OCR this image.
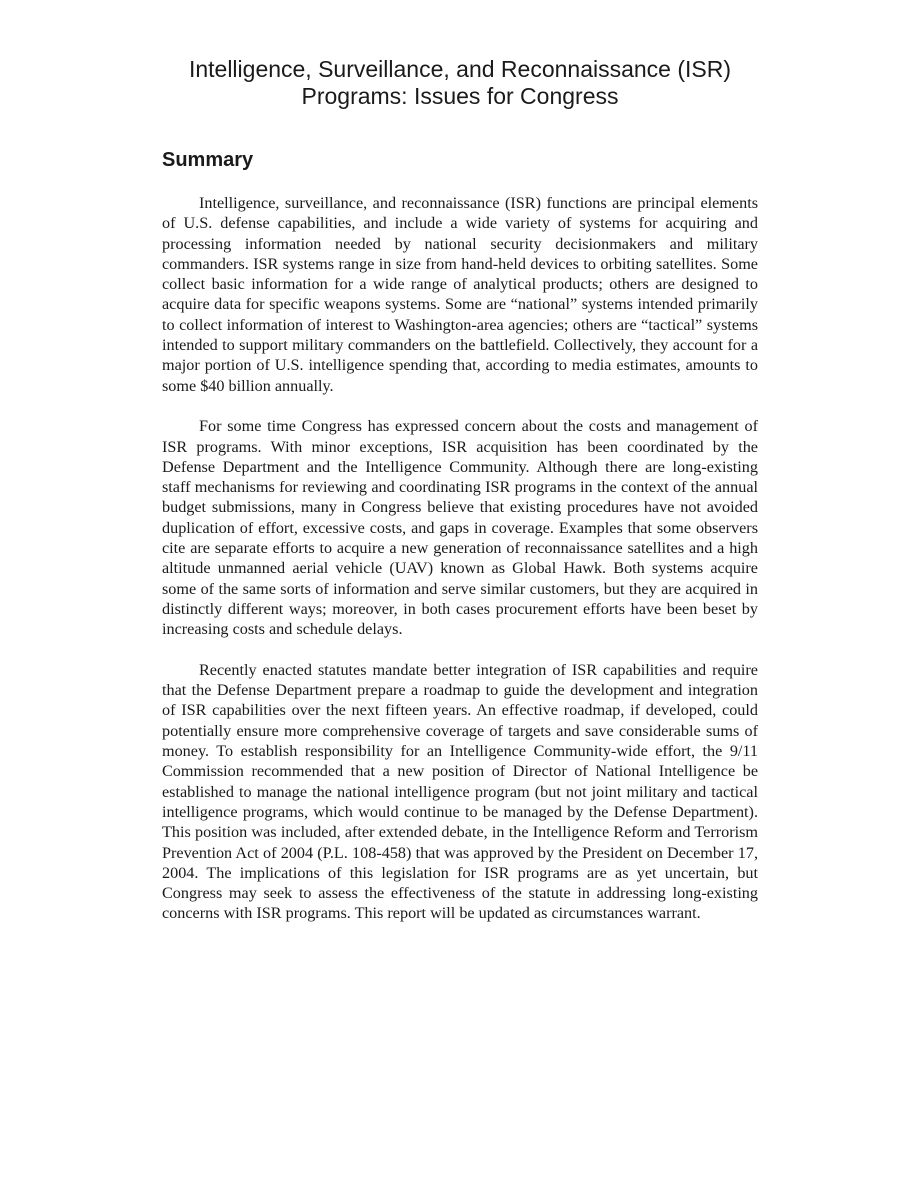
Intelligence, Surveillance, and Reconnaissance (ISR)
Programs: Issues for Congress
Summary

Intelligence, surveillance, and reconnaissance (ISR) functions are principal elements of U.S. defense capabilities, and include a wide variety of systems for acquiring and processing information needed by national security decisionmakers and military commanders. ISR systems range in size from hand-held devices to orbiting satellites. Some collect basic information for a wide range of analytical products; others are designed to acquire data for specific weapons systems. Some are “national” systems intended primarily to collect information of interest to Washington-area agencies; others are “tactical” systems intended to support military commanders on the battlefield. Collectively, they account for a major portion of U.S. intelligence spending that, according to media estimates, amounts to some $40 billion annually.

For some time Congress has expressed concern about the costs and management of ISR programs. With minor exceptions, ISR acquisition has been coordinated by the Defense Department and the Intelligence Community. Although there are long-existing staff mechanisms for reviewing and coordinating ISR programs in the context of the annual budget submissions, many in Congress believe that existing procedures have not avoided duplication of effort, excessive costs, and gaps in coverage. Examples that some observers cite are separate efforts to acquire a new generation of reconnaissance satellites and a high altitude unmanned aerial vehicle (UAV) known as Global Hawk. Both systems acquire some of the same sorts of information and serve similar customers, but they are acquired in distinctly different ways; moreover, in both cases procurement efforts have been beset by increasing costs and schedule delays.

Recently enacted statutes mandate better integration of ISR capabilities and require that the Defense Department prepare a roadmap to guide the development and integration of ISR capabilities over the next fifteen years. An effective roadmap, if developed, could potentially ensure more comprehensive coverage of targets and save considerable sums of money. To establish responsibility for an Intelligence Community-wide effort, the 9/11 Commission recommended that a new position of Director of National Intelligence be established to manage the national intelligence program (but not joint military and tactical intelligence programs, which would continue to be managed by the Defense Department). This position was included, after extended debate, in the Intelligence Reform and Terrorism Prevention Act of 2004 (P.L. 108-458) that was approved by the President on December 17, 2004. The implications of this legislation for ISR programs are as yet uncertain, but Congress may seek to assess the effectiveness of the statute in addressing long-existing concerns with ISR programs. This report will be updated as circumstances warrant.
